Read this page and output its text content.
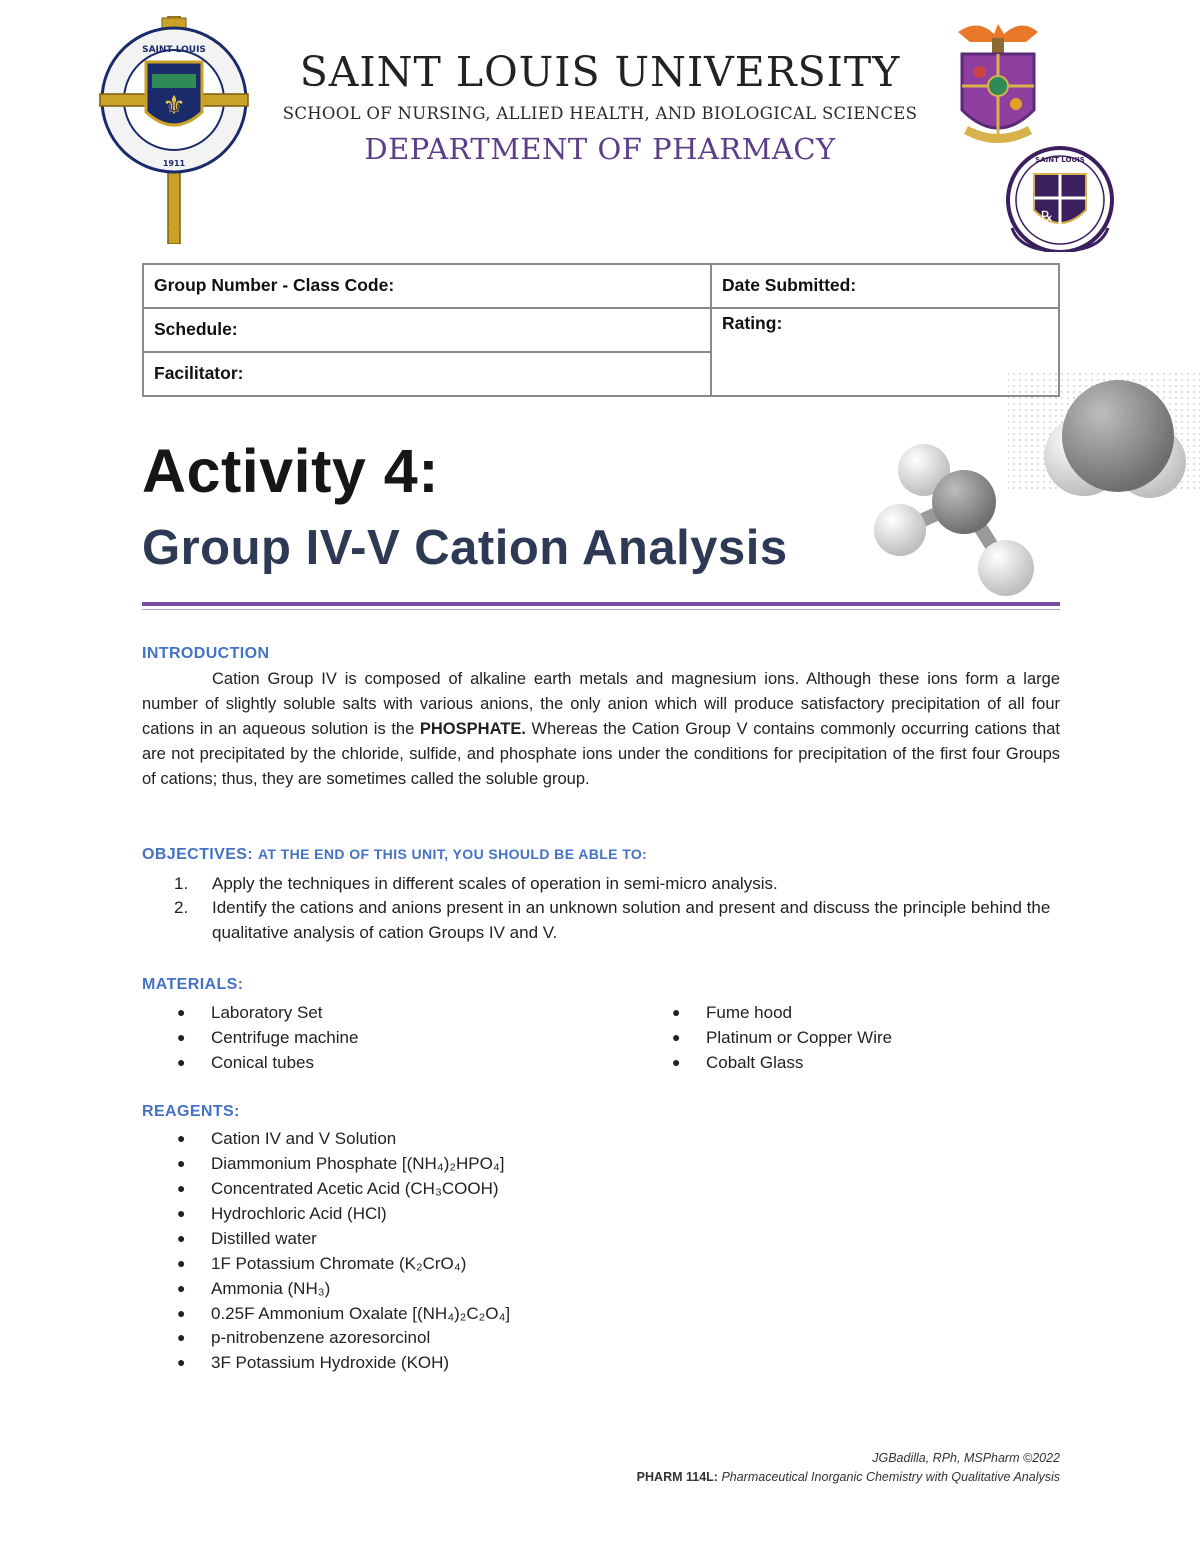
⚜
SAINT LOUIS
1911
SAINT LOUIS UNIVERSITY
SCHOOL OF NURSING, ALLIED HEALTH, AND BIOLOGICAL SCIENCES
DEPARTMENT OF PHARMACY
℞
SAINT LOUIS
Group Number - Class Code:
Schedule:
Facilitator:
Date Submitted:
Rating:
Activity 4:
Group IV-V Cation Analysis
INTRODUCTION
Cation Group IV is composed of alkaline earth metals and magnesium ions. Although these ions form a large number of slightly soluble salts with various anions, the only anion which will produce satisfactory precipitation of all four cations in an aqueous solution is the PHOSPHATE. Whereas the Cation Group V contains commonly occurring cations that are not precipitated by the chloride, sulfide, and phosphate ions under the conditions for precipitation of the first four Groups of cations; thus, they are sometimes called the soluble group.
OBJECTIVES: AT THE END OF THIS UNIT, YOU SHOULD BE ABLE TO:
1. Apply the techniques in different scales of operation in semi-micro analysis.
2. Identify the cations and anions present in an unknown solution and present and discuss the principle behind the qualitative analysis of cation Groups IV and V.
MATERIALS:
● Laboratory Set
● Centrifuge machine
● Conical tubes
● Fume hood
● Platinum or Copper Wire
● Cobalt Glass
REAGENTS:
● Cation IV and V Solution
● Diammonium Phosphate [(NH₄)₂HPO₄]
● Concentrated Acetic Acid (CH₃COOH)
● Hydrochloric Acid (HCl)
● Distilled water
● 1F Potassium Chromate (K₂CrO₄)
● Ammonia (NH₃)
● 0.25F Ammonium Oxalate [(NH₄)₂C₂O₄]
● p-nitrobenzene azoresorcinol
● 3F Potassium Hydroxide (KOH)
JGBadilla, RPh, MSPharm ©2022
PHARM 114L: Pharmaceutical Inorganic Chemistry with Qualitative Analysis
